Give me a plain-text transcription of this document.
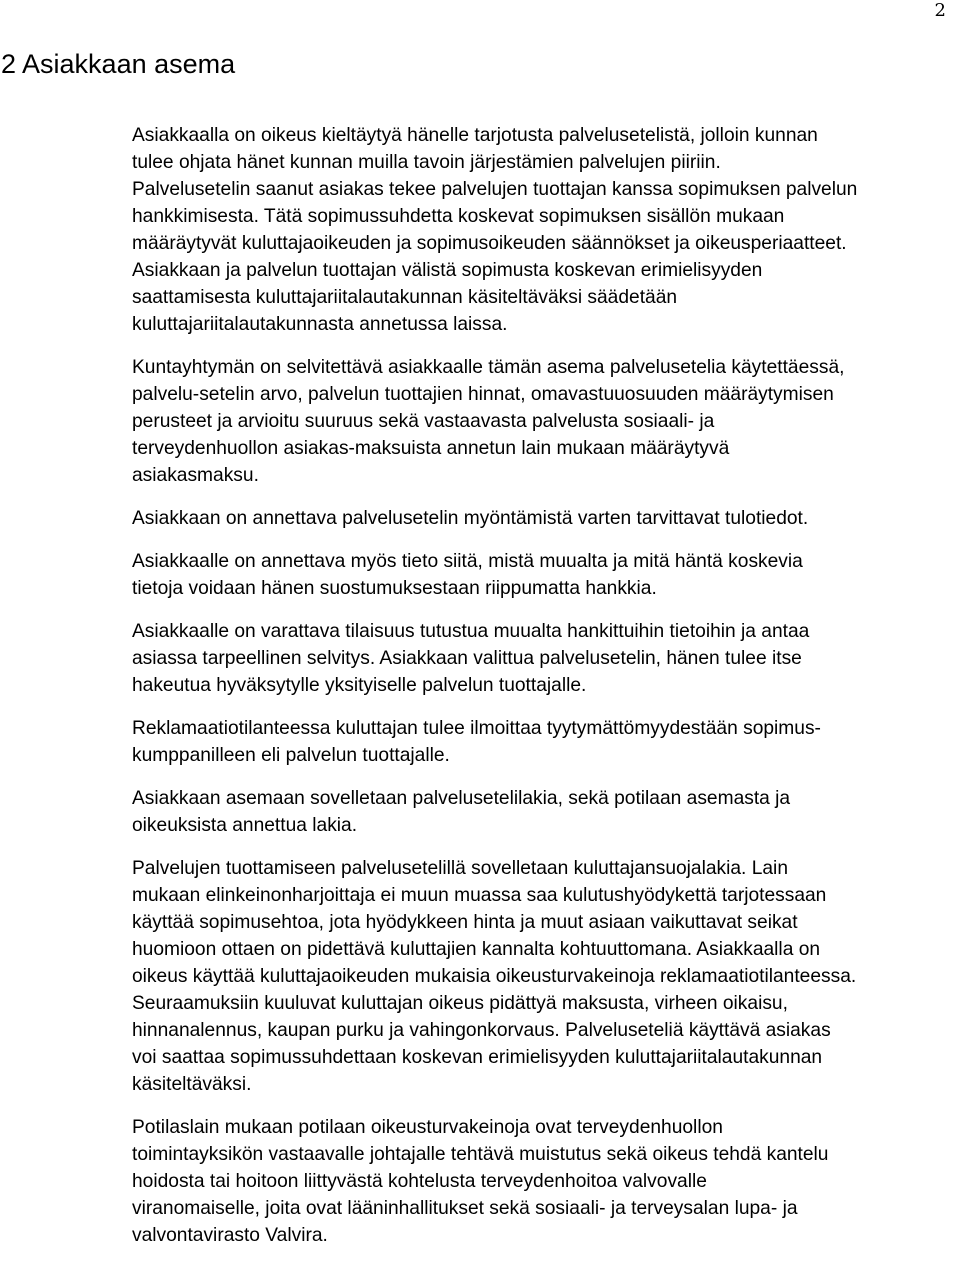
2
2 Asiakkaan asema

Asiakkaalla on oikeus kieltäytyä hänelle tarjotusta palvelusetelistä, jolloin kunnan
tulee ohjata hänet kunnan muilla tavoin järjestämien palvelujen piiriin.

Palvelusetelin saanut asiakas tekee palvelujen tuottajan kanssa sopimuksen palvelun
hankkimisesta. Tätä sopimussuhdetta koskevat sopimuksen sisällön mukaan
määräytyvät kuluttajaoikeuden ja sopimusoikeuden säännökset ja oikeusperiaatteet.
Asiakkaan ja palvelun tuottajan välistä sopimusta koskevan erimielisyyden
saattamisesta kuluttajariitalautakunnan käsiteltäväksi säädetään
kuluttajariitalautakunnasta annetussa laissa.

Kuntayhtymän on selvitettävä asiakkaalle tämän asema palvelusetelia käytettäessä,
palvelu-setelin arvo, palvelun tuottajien hinnat, omavastuuosuuden määräytymisen
perusteet ja arvioitu suuruus sekä vastaavasta palvelusta sosiaali- ja
terveydenhuollon asiakas-maksuista annetun lain mukaan määräytyvä
asiakasmaksu.

Asiakkaan on annettava palvelusetelin myöntämistä varten tarvittavat tulotiedot.

Asiakkaalle on annettava myös tieto siitä, mistä muualta ja mitä häntä koskevia
tietoja voidaan hänen suostumuksestaan riippumatta hankkia.

Asiakkaalle on varattava tilaisuus tutustua muualta hankittuihin tietoihin ja antaa
asiassa tarpeellinen selvitys. Asiakkaan valittua palvelusetelin, hänen tulee itse
hakeutua hyväksytylle yksityiselle palvelun tuottajalle.

Reklamaatiotilanteessa kuluttajan tulee ilmoittaa tyytymättömyydestään sopimus-
kumppanilleen eli palvelun tuottajalle.

Asiakkaan asemaan sovelletaan palvelusetelilakia, sekä potilaan asemasta ja
oikeuksista annettua lakia.

Palvelujen tuottamiseen palvelusetelillä sovelletaan kuluttajansuojalakia. Lain
mukaan elinkeinonharjoittaja ei muun muassa saa kulutushyödykettä tarjotessaan
käyttää sopimusehtoa, jota hyödykkeen hinta ja muut asiaan vaikuttavat seikat
huomioon ottaen on pidettävä kuluttajien kannalta kohtuuttomana. Asiakkaalla on
oikeus käyttää kuluttajaoikeuden mukaisia oikeusturvakeinoja reklamaatiotilanteessa.
Seuraamuksiin kuuluvat kuluttajan oikeus pidättyä maksusta, virheen oikaisu,
hinnanalennus, kaupan purku ja vahingonkorvaus. Palveluseteliä käyttävä asiakas
voi saattaa sopimussuhdettaan koskevan erimielisyyden kuluttajariitalautakunnan
käsiteltäväksi.

Potilaslain mukaan potilaan oikeusturvakeinoja ovat terveydenhuollon
toimintayksikön vastaavalle johtajalle tehtävä muistutus sekä oikeus tehdä kantelu
hoidosta tai hoitoon liittyvästä kohtelusta terveydenhoitoa valvovalle
viranomaiselle, joita ovat lääninhallitukset sekä sosiaali- ja terveysalan lupa- ja
valvontavirasto Valvira.
